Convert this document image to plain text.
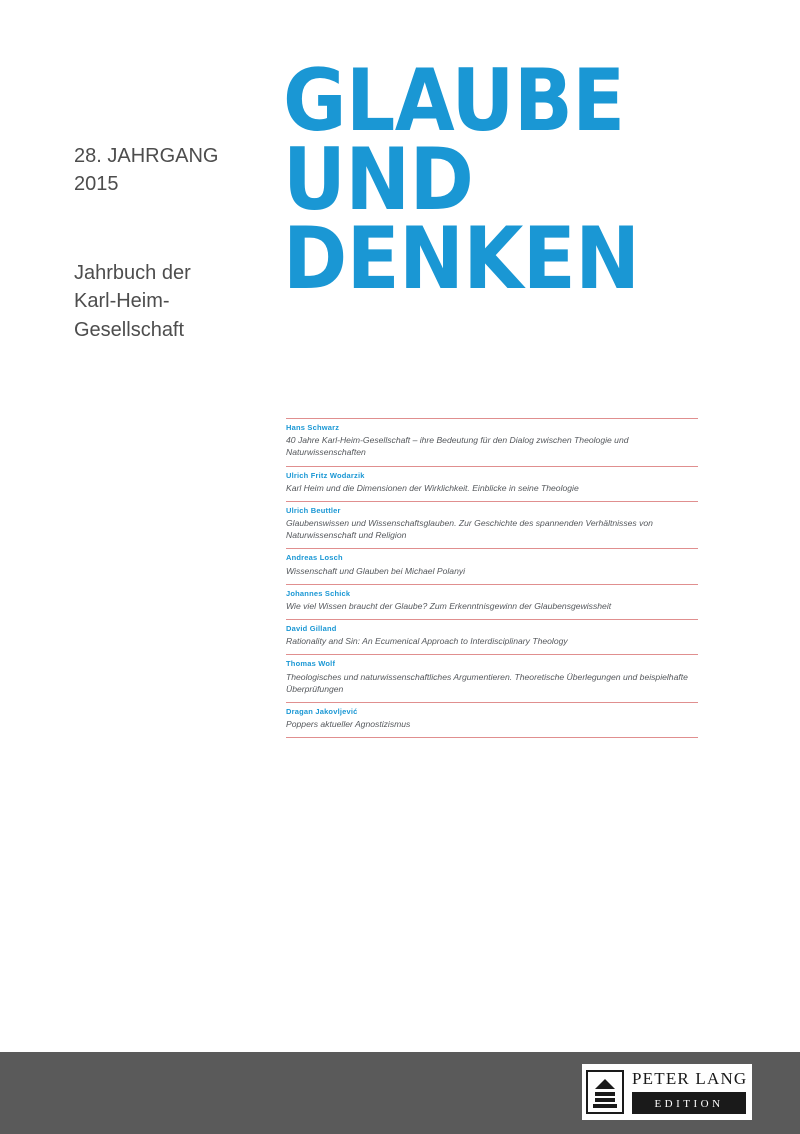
GLAUBE
UND
DENKEN
28. JAHRGANG
2015
Jahrbuch der
Karl-Heim-
Gesellschaft
Hans Schwarz
40 Jahre Karl-Heim-Gesellschaft – ihre Bedeutung für den Dialog zwischen Theologie und Naturwissenschaften
Ulrich Fritz Wodarzik
Karl Heim und die Dimensionen der Wirklichkeit. Einblicke in seine Theologie
Ulrich Beuttler
Glaubenswissen und Wissenschaftsglauben. Zur Geschichte des spannenden Verhältnisses von Naturwissenschaft und Religion
Andreas Losch
Wissenschaft und Glauben bei Michael Polanyi
Johannes Schick
Wie viel Wissen braucht der Glaube? Zum Erkenntnisgewinn der Glaubensgewissheit
David Gilland
Rationality and Sin: An Ecumenical Approach to Interdisciplinary Theology
Thomas Wolf
Theologisches und naturwissenschaftliches Argumentieren. Theoretische Überlegungen und beispielhafte Überprüfungen
Dragan Jakovljević
Poppers aktueller Agnostizismus
PETER LANG
EDITION
